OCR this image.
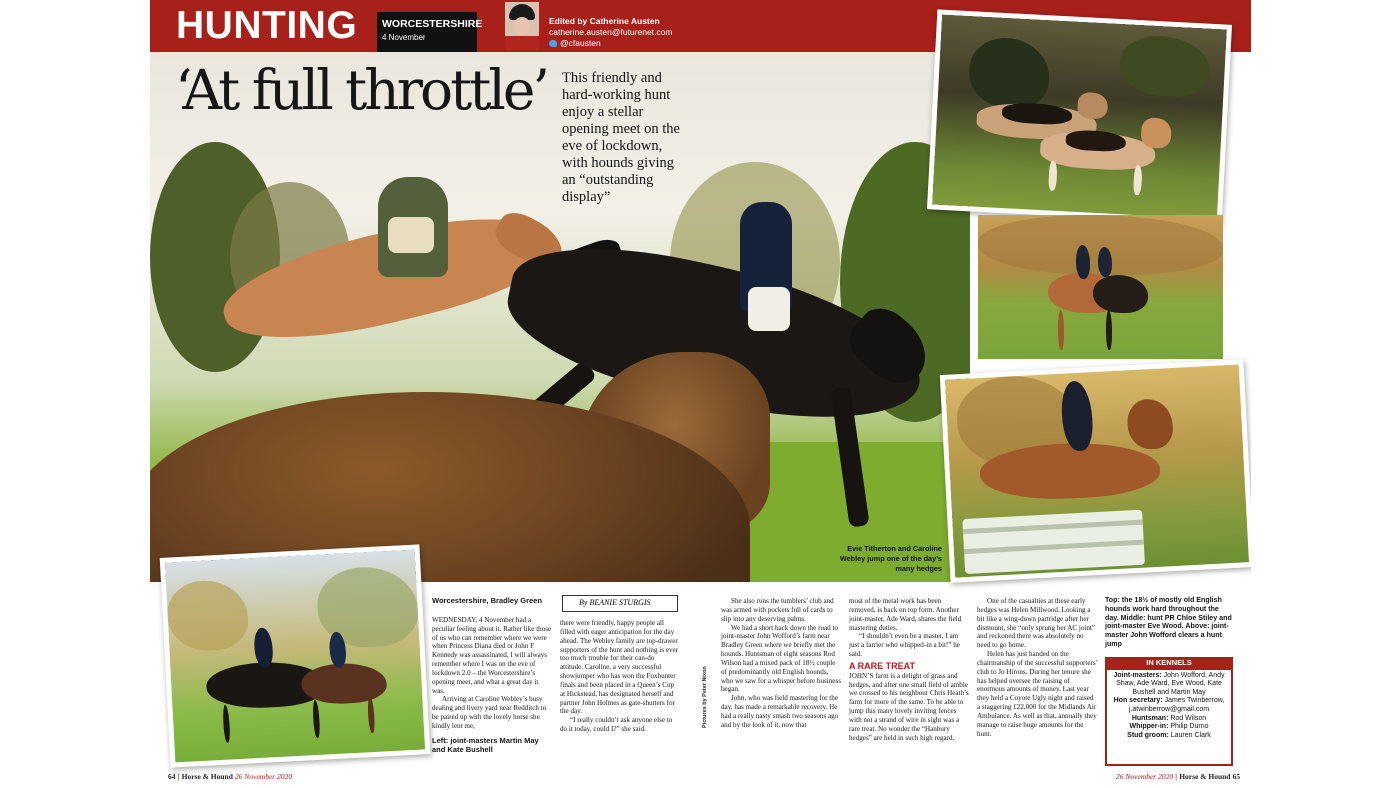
HUNTING WORCESTERSHIRE
4 November
Edited by Catherine Austen
catherine.austen@futurenet.com
@cfausten
‘At full throttle’ This friendly and hard-working hunt enjoy a stellar opening meet on the eve of lockdown, with hounds giving an “outstanding display”
Evie Titherton and Caroline Webley jump one of the day’s many hedges

Worcestershire, Bradley Green

WEDNESDAY, 4 November had a peculiar feeling about it. Rather like those of us who can remember where we were when Princess Diana died or John F Kennedy was assassinated, I will always remember where I was on the eve of lockdown 2.0 – the Worcestershire’s opening meet, and what a great day it was.

Arriving at Caroline Webley’s busy dealing and livery yard near Redditch to be paired up with the lovely horse she kindly lent me,

Left: joint-masters Martin May and Kate Bushell

By BEANIE STURGIS

there were friendly, happy people all filled with eager anticipation for the day ahead. The Webley family are top-drawer supporters of the hunt and nothing is ever too much trouble for their can-do attitude. Caroline, a very successful showjumper who has won the Foxhunter finals and been placed in a Queen’s Cup at Hickstead, has designated herself and partner John Holmes as gate-shutters for the day.

“I really couldn’t ask anyone else to do it today, could I?” she said.

Pictures by Peter Nixon

She also runs the tumblers’ club and was armed with pockets full of cards to slip into any deserving palms.

We had a short hack down the road to joint-master John Wofford’s farm near Bradley Green where we briefly met the hounds. Huntsman of eight seasons Rod Wilson had a mixed pack of 18½ couple of predominantly old English hounds, who we saw for a whisper before business began.

John, who was field mastering for the day, has made a remarkable recovery. He had a really nasty smash two seasons ago and by the look of it, now that

most of the metal work has been removed, is back on top form. Another joint-master, Ade Ward, shares the field mastering duties.

“I shouldn’t even be a master, I am just a farrier who whipped-in a bit!” he said.

A RARE TREAT

JOHN’S farm is a delight of grass and hedges, and after one small field of amble we crossed to his neighbour Chris Heath’s farm for more of the same. To be able to jump this many lovely inviting fences with not a strand of wire in sight was a rare treat. No wonder the “Hanbury hedges” are held in such high regard.

One of the casualties at these early hedges was Helen Millwood. Looking a bit like a wing-down partridge after her dismount, she “only sprung her AC joint” and reckoned there was absolutely no need to go home.

Helen has just handed on the chairmanship of the successful supporters’ club to Jo Hirons. During her tenure she has helped oversee the raising of enormous amounts of money. Last year they held a Coyote Ugly night and raised a staggering £22,000 for the Midlands Air Ambulance. As well as that, annually they manage to raise huge amounts for the hunt.

Top: the 18½ of mostly old English hounds work hard throughout the day. Middle: hunt PR Chloe Stiley and joint-master Eve Wood. Above: joint-master John Wofford clears a hunt jump
IN KENNELS

Joint-masters: John Wofford, Andy Shaw, Ade Ward, Eve Wood, Kate Bushell and Martin May

Hon secretary: James Twinberrow, j.atwinberrow@gmail.com

Huntsman: Rod Wilson

Whipper-in: Philip Durno

Stud groom: Lauren Clark

64 | Horse & Hound 26 November 2020	26 November 2020 | Horse & Hound 65
